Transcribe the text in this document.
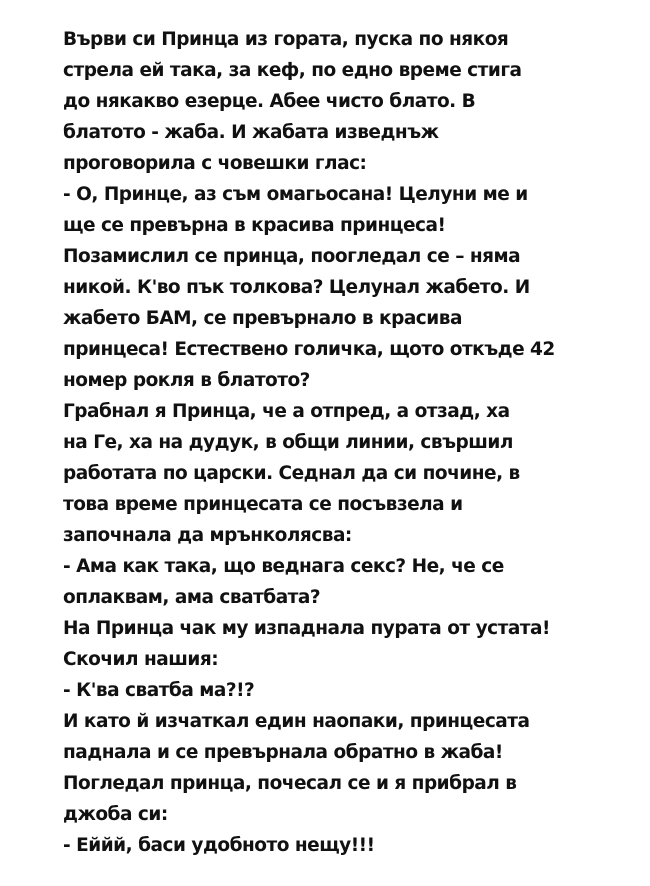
Върви си Принца из гората, пуска по някоя
стрела ей така, за кеф, по едно време стига
до някакво езерце. Абее чисто блато. В
блатото - жаба. И жабата изведнъж
проговорила с човешки глас:
- О, Принце, аз съм омагьосана! Целуни ме и
ще се превърна в красива принцеса!
Позамислил се принца, поогледал се – няма
никой. К'во пък толкова? Целунал жабето. И
жабето БАМ, се превърнало в красива
принцеса! Естествено голичка, щото откъде 42
номер рокля в блатото?
Грабнал я Принца, че а отпред, а отзад, ха
на Ге, ха на дудук, в общи линии, свършил
работата по царски. Седнал да си почине, в
това време принцесата се посъвзела и
започнала да мрънколясва:
- Ама как така, що веднага секс? Не, че се
оплаквам, ама сватбата?
На Принца чак му изпаднала пурата от устата!
Скочил нашия:
- К'ва сватба ма?!?
И като й изчаткал един наопаки, принцесата
паднала и се превърнала обратно в жаба!
Погледал принца, почесал се и я прибрал в
джоба си:
- Еййй, баси удобното нещу!!!
